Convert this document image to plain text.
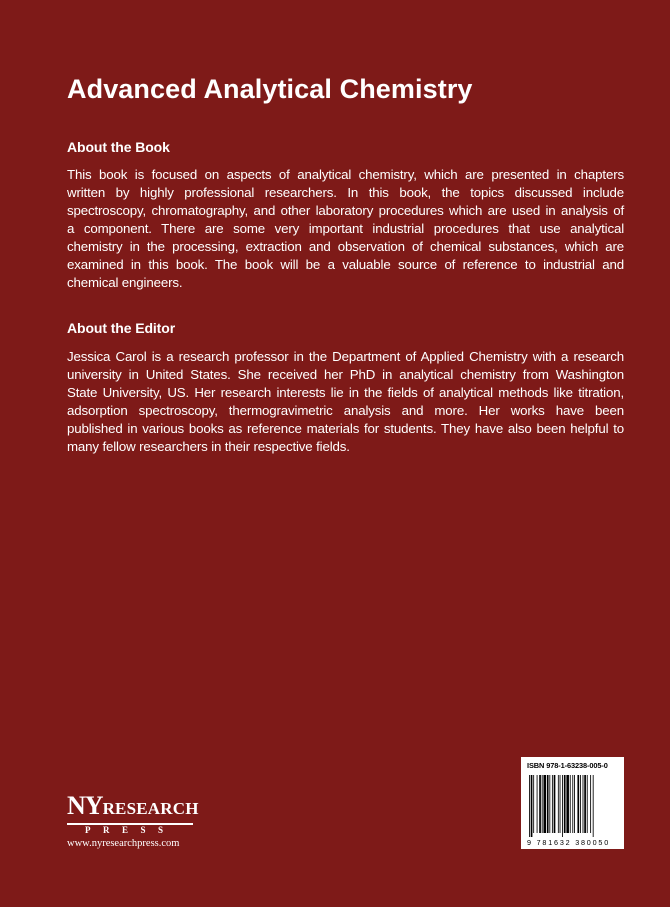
Advanced Analytical Chemistry
About the Book
This book is focused on aspects of analytical chemistry, which are presented in chapters
written by highly professional researchers. In this book, the topics discussed include
spectroscopy, chromatography, and other laboratory procedures which are used in analysis of
a component. There are some very important industrial procedures that use analytical
chemistry in the processing, extraction and observation of chemical substances, which are
examined in this book. The book will be a valuable source of reference to industrial and
chemical engineers.
About the Editor
Jessica Carol is a research professor in the Department of Applied Chemistry with a research
university in United States. She received her PhD in analytical chemistry from Washington
State University, US. Her research interests lie in the fields of analytical methods like titration,
adsorption spectroscopy, thermogravimetric analysis and more. Her works have been
published in various books as reference materials for students. They have also been helpful to
many fellow researchers in their respective fields.
NYRESEARCH
PRESS
www.nyresearchpress.com
ISBN 978-1-63238-005-0
9 781632 380050
